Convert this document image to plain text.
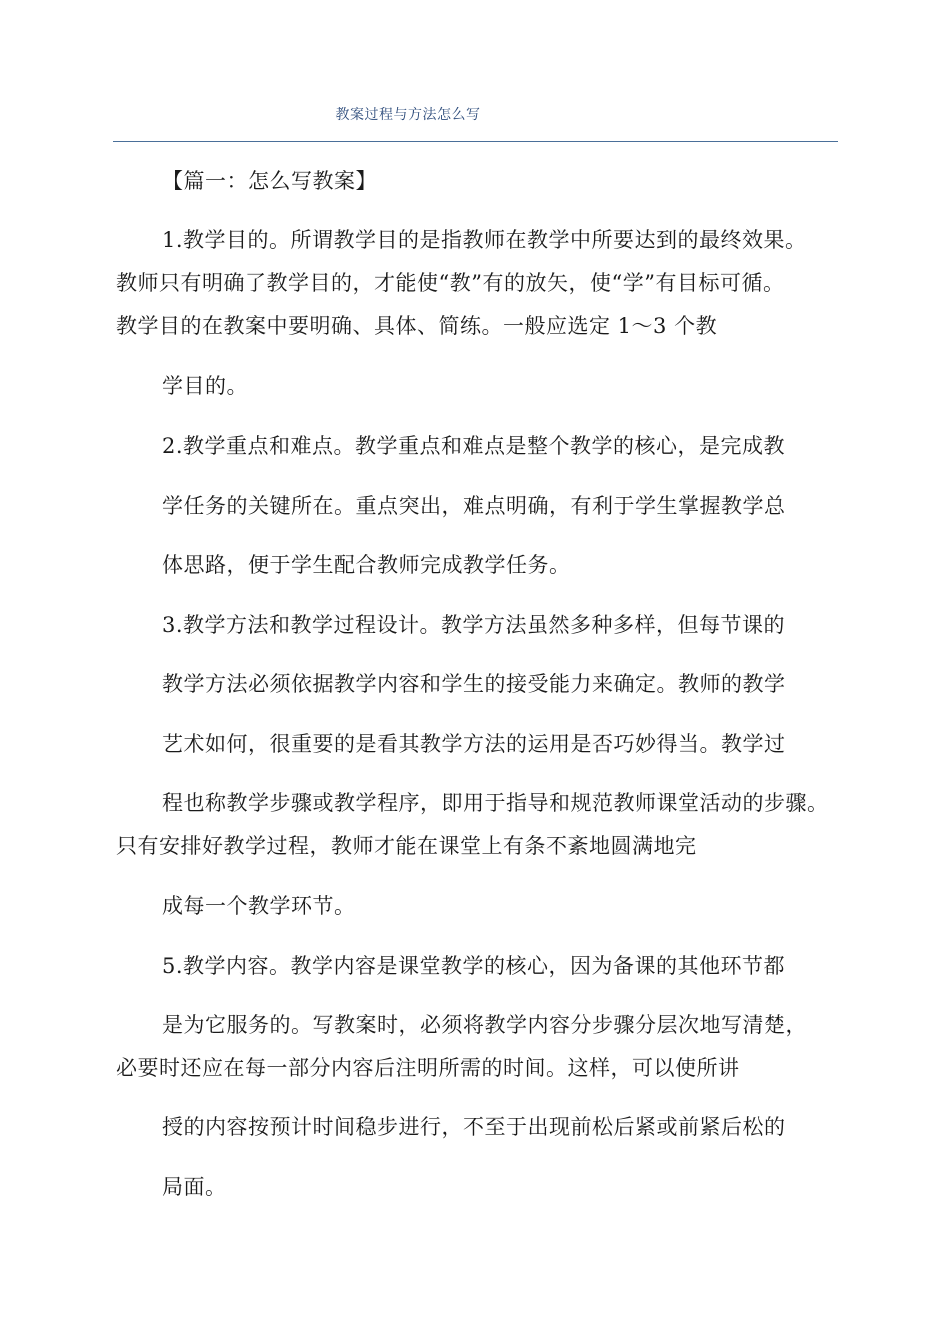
教案过程与方法怎么写
【篇一：怎么写教案】
1.教学目的。所谓教学目的是指教师在教学中所要达到的最终效果。
教师只有明确了教学目的，才能使“教”有的放矢，使“学”有目标可循。
教学目的在教案中要明确、具体、简练。一般应选定 1～3 个教
学目的。
2.教学重点和难点。教学重点和难点是整个教学的核心，是完成教
学任务的关键所在。重点突出，难点明确，有利于学生掌握教学总
体思路，便于学生配合教师完成教学任务。
3.教学方法和教学过程设计。教学方法虽然多种多样，但每节课的
教学方法必须依据教学内容和学生的接受能力来确定。教师的教学
艺术如何，很重要的是看其教学方法的运用是否巧妙得当。教学过
程也称教学步骤或教学程序，即用于指导和规范教师课堂活动的步骤。
只有安排好教学过程，教师才能在课堂上有条不紊地圆满地完
成每一个教学环节。
5.教学内容。教学内容是课堂教学的核心，因为备课的其他环节都
是为它服务的。写教案时，必须将教学内容分步骤分层次地写清楚，
必要时还应在每一部分内容后注明所需的时间。这样，可以使所讲
授的内容按预计时间稳步进行，不至于出现前松后紧或前紧后松的
局面。
